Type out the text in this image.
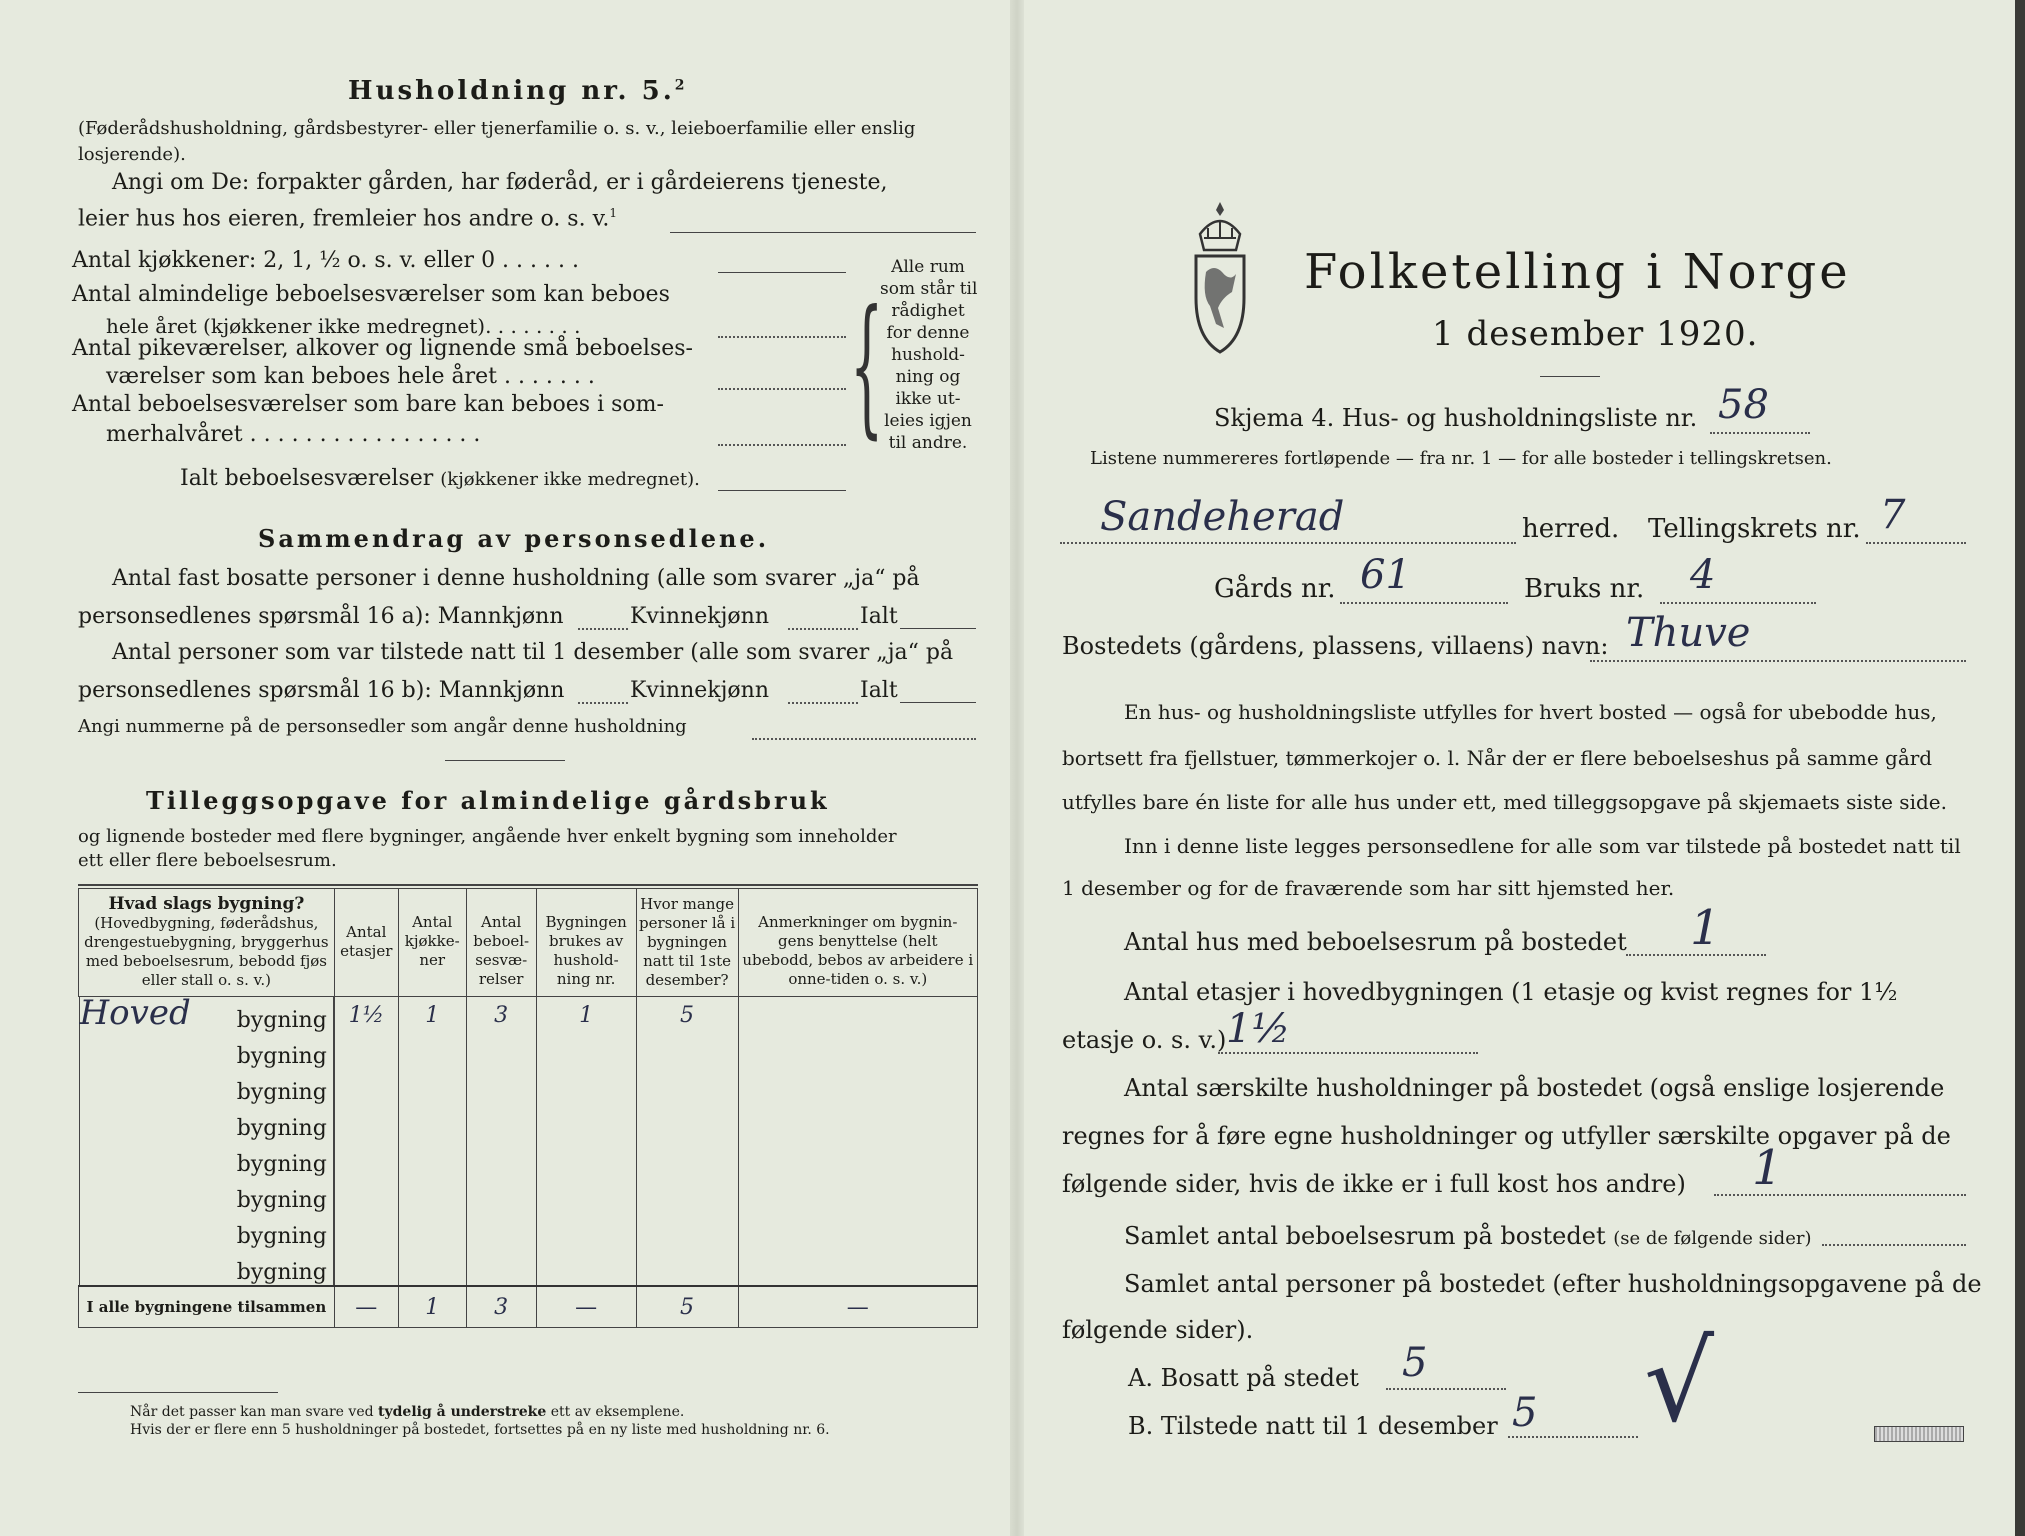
Husholdning nr. 5.$^2$
(Føderådshusholdning, gårdsbestyrer- eller tjenerfamilie o. s. v., leieboerfamilie eller enslig losjerende).
Angi om De: forpakter gården, har føderåd, er i gårdeierens tjeneste,
leier hus hos eieren, fremleier hos andre o. s. v.$^1$
Antal kjøkkener: 2, 1, ½ o. s. v. eller 0 . . . . . .
Antal almindelige beboelsesværelser som kan beboes
hele året (kjøkkener ikke medregnet). . . . . . . .
Antal pikeværelser, alkover og lignende små beboelses-
værelser som kan beboes hele året . . . . . . .
Antal beboelsesværelser som bare kan beboes i som-
merhalvåret . . . . . . . . . . . . . . . . .
Ialt beboelsesværelser (kjøkkener ikke medregnet).
{
Alle rum
som står til
rådighet
for denne
hushold-
ning og
ikke ut-
leies igjen
til andre.
Sammendrag av personsedlene.
Antal fast bosatte personer i denne husholdning (alle som svarer „ja“ på
personsedlenes spørsmål 16 a): Mannkjønn	Kvinnekjønn	Ialt
Antal personer som var tilstede natt til 1 desember (alle som svarer „ja“ på
personsedlenes spørsmål 16 b): Mannkjønn	Kvinnekjønn	Ialt
Angi nummerne på de personsedler som angår denne husholdning
Tilleggsopgave for almindelige gårdsbruk
og lignende bosteder med flere bygninger, angående hver enkelt bygning som inneholder
ett eller flere beboelsesrum.
Hvad slags bygning?
(Hovedbygning, føderådshus, drengestuebygning, bryggerhus med beboelsesrum, bebodd fjøs eller stall o. s. v.)	Antal etasjer	Antal kjøkke-ner	Antal beboel-sesvæ-relser	Bygningen brukes av hushold-ning nr.	Hvor mange personer lå i bygningen natt til 1ste desember?	Anmerkninger om bygnin-gens benyttelse (helt ubebodd, bebos av arbeidere i onne-tiden o. s. v.)

Hoved bygning 1½	1	3	1	5	

bygning

bygning

bygning

bygning

bygning

bygning

bygning

I alle bygningene tilsammen	—	1	3	—	5	—
Når det passer kan man svare ved tydelig å understreke ett av eksemplene.
Hvis der er flere enn 5 husholdninger på bostedet, fortsettes på en ny liste med husholdning nr. 6.
Folketelling i Norge
1 desember 1920.
Skjema 4. Hus- og husholdningsliste nr. 58
Listene nummereres fortløpende — fra nr. 1 — for alle bosteder i tellingskretsen.
Sandeherad	herred. Tellingskrets nr. 7
Gårds nr. 61	Bruks nr. 4
Bostedets (gårdens, plassens, villaens) navn: Thuve
En hus- og husholdningsliste utfylles for hvert bosted — også for ubebodde hus,
bortsett fra fjellstuer, tømmerkojer o. l. Når der er flere beboelseshus på samme gård
utfylles bare én liste for alle hus under ett, med tilleggsopgave på skjemaets siste side.
Inn i denne liste legges personsedlene for alle som var tilstede på bostedet natt til
1 desember og for de fraværende som har sitt hjemsted her.
Antal hus med beboelsesrum på bostedet 1
Antal etasjer i hovedbygningen (1 etasje og kvist regnes for 1½
etasje o. s. v.) 1½
Antal særskilte husholdninger på bostedet (også enslige losjerende
regnes for å føre egne husholdninger og utfyller særskilte opgaver på de
følgende sider, hvis de ikke er i full kost hos andre) 1
Samlet antal beboelsesrum på bostedet (se de følgende sider)
Samlet antal personer på bostedet (efter husholdningsopgavene på de
følgende sider).
A. Bosatt på stedet 5
B. Tilstede natt til 1 desember 5 √
